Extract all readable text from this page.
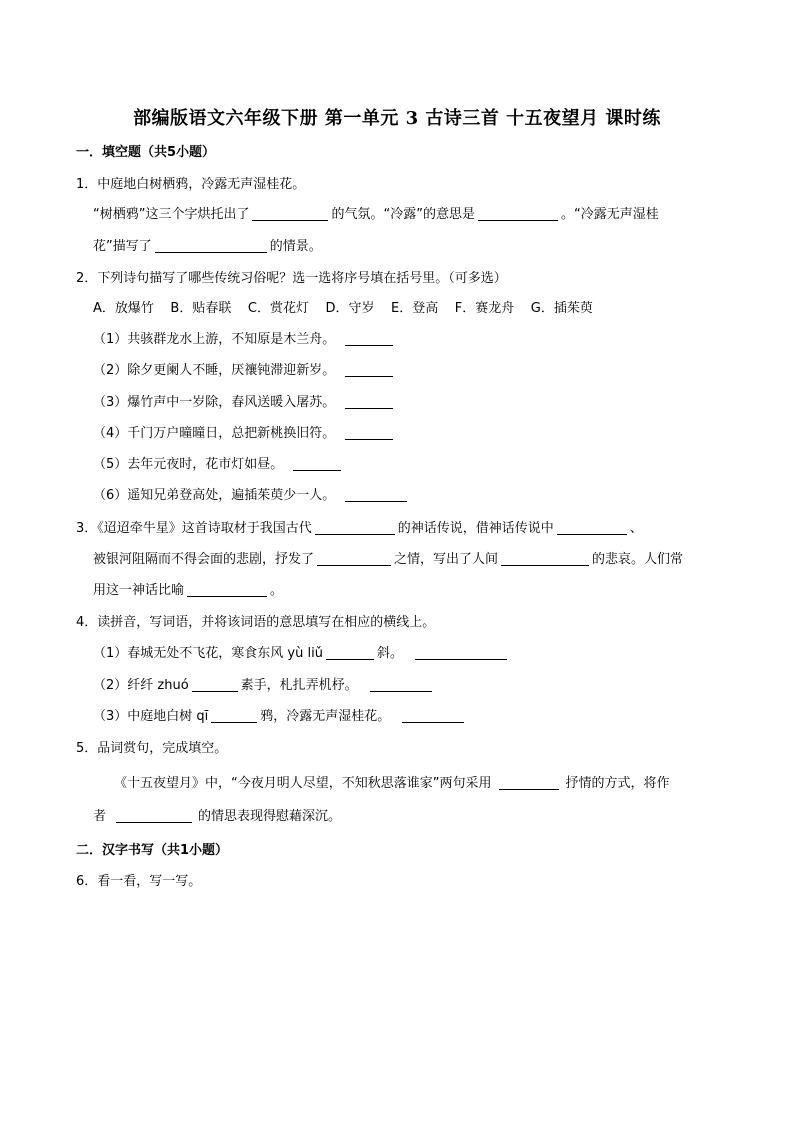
部编版语文六年级下册 第一单元 3 古诗三首 十五夜望月 课时练
一．填空题（共5小题）
1．中庭地白树栖鸦，冷露无声湿桂花。
“树栖鸦”这三个字烘托出了	的气氛。“冷露”的意思是	。“冷露无声湿桂
花”描写了	的情景。
2．下列诗句描写了哪些传统习俗呢？选一选将序号填在括号里。（可多选）
A．放爆竹    B．贴春联    C．赏花灯    D．守岁    E．登高    F．赛龙舟    G．插茱萸
（1）共骇群龙水上游，不知原是木兰舟。
（2）除夕更阑人不睡，厌禳钝滞迎新岁。
（3）爆竹声中一岁除，春风送暖入屠苏。
（4）千门万户曈曈日，总把新桃换旧符。
（5）去年元夜时，花市灯如昼。
（6）遥知兄弟登高处，遍插茱萸少一人。
3．《迢迢牵牛星》这首诗取材于我国古代	的神话传说，借神话传说中	、
被银河阻隔而不得会面的悲剧，抒发了	之情，写出了人间	的悲哀。人们常
用这一神话比喻	。
4．读拼音，写词语，并将该词语的意思填写在相应的横线上。
（1）春城无处不飞花，寒食东风 yù liǔ	斜。
（2）纤纤 zhuó	素手，札扎弄机杼。
（3）中庭地白树 qī	鸦，冷露无声湿桂花。
5．品词赏句，完成填空。
《十五夜望月》中，“今夜月明人尽望，不知秋思落谁家”两句采用	抒情的方式，将作
者	的情思表现得慰藉深沉。
二．汉字书写（共1小题）
6．看一看，写一写。
